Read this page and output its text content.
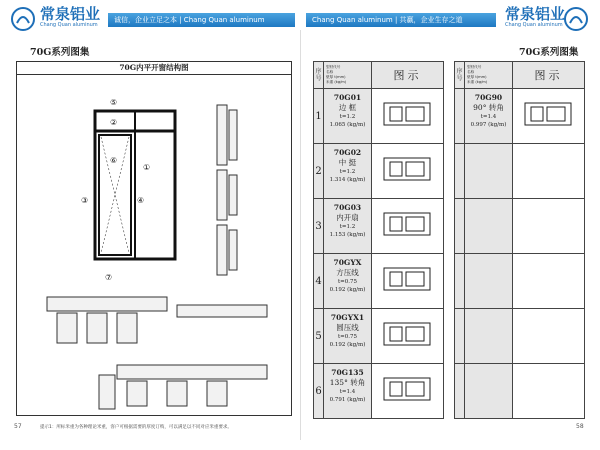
常泉铝业
Chang Quan aluminum
诚信，企业立足之本 | Chang Quan aluminum	Chang Quan aluminum | 共赢，企业生存之道	常泉铝业
Chang Quan aluminum
70G系列图集	70G系列图集
70G内平开窗结构图
⑤
②
⑥
③	④
⑦
①
序号	型材代号
名称
壁厚 t(mm)
米重 (kg/m)	图示
1	70G01
边 框
t=1.2
1.065 (kg/m)

2	70G02
中 挺
t=1.2
1.314 (kg/m)

3	70G03
内开扇
t=1.2
1.153 (kg/m)

4	70GYX
方压线
t=0.75
0.192 (kg/m)

5	70GYX1
圆压线
t=0.75
0.192 (kg/m)

6	70G135
135° 转角
t=1.4
0.791 (kg/m)

序号	型材代号
名称
壁厚 t(mm)
米重 (kg/m)	图示

	70G90
90° 转角
t=1.4
0.997 (kg/m)

57	提示1：所标米重为各种理论米重，客户可根据需要的厚度订购，可以满足以不同对应米重要求。	58
